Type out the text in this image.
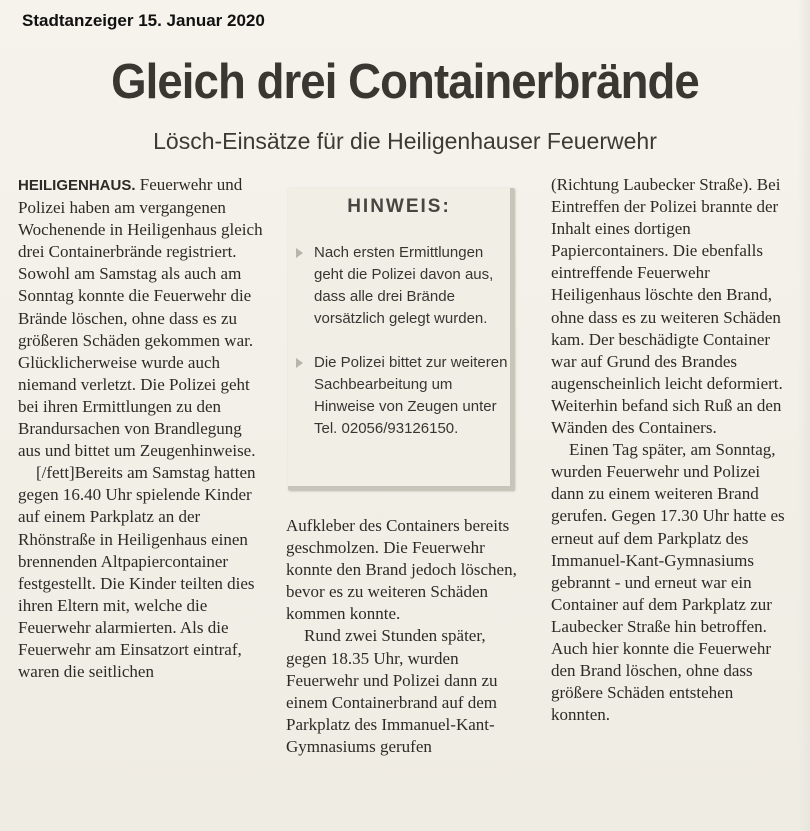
Stadtanzeiger 15. Januar 2020
Gleich drei Containerbrände
Lösch-Einsätze für die Heiligenhauser Feuerwehr

HEILIGENHAUS. Feuerwehr und Polizei haben am vergangenen Wochenende in Heiligenhaus gleich drei Containerbrände registriert. Sowohl am Samstag als auch am Sonntag konnte die Feuerwehr die Brände löschen, ohne dass es zu größeren Schäden gekommen war. Glücklicherweise wurde auch niemand verletzt. Die Polizei geht bei ihren Ermittlungen zu den Brandursachen von Brandlegung aus und bittet um Zeugenhinweise.

[/fett]Bereits am Samstag hatten gegen 16.40 Uhr spielende Kinder auf einem Parkplatz an der Rhönstraße in Heiligenhaus einen brennenden Altpapiercontainer festgestellt. Die Kinder teilten dies ihren Eltern mit, welche die Feuerwehr alarmierten. Als die Feuerwehr am Einsatzort eintraf, waren die seitlichen

HINWEIS:
Nach ersten Ermittlungen geht die Polizei davon aus, dass alle drei Brände vorsätzlich gelegt wurden.
Die Polizei bittet zur weiteren Sachbearbeitung um Hinweise von Zeugen unter Tel. 02056/93126150.

Aufkleber des Containers bereits geschmolzen. Die Feuerwehr konnte den Brand jedoch löschen, bevor es zu weiteren Schäden kommen konnte.

Rund zwei Stunden später, gegen 18.35 Uhr, wurden Feuerwehr und Polizei dann zu einem Containerbrand auf dem Parkplatz des Immanuel-Kant-Gymnasiums gerufen

(Richtung Laubecker Straße). Bei Eintreffen der Polizei brannte der Inhalt eines dortigen Papiercontainers. Die ebenfalls eintreffende Feuerwehr Heiligenhaus löschte den Brand, ohne dass es zu weiteren Schäden kam. Der beschädigte Container war auf Grund des Brandes augenscheinlich leicht deformiert. Weiterhin befand sich Ruß an den Wänden des Containers.

Einen Tag später, am Sonntag, wurden Feuerwehr und Polizei dann zu einem weiteren Brand gerufen. Gegen 17.30 Uhr hatte es erneut auf dem Parkplatz des Immanuel-Kant-Gymnasiums gebrannt - und erneut war ein Container auf dem Parkplatz zur Laubecker Straße hin betroffen. Auch hier konnte die Feuerwehr den Brand löschen, ohne dass größere Schäden entstehen konnten.
